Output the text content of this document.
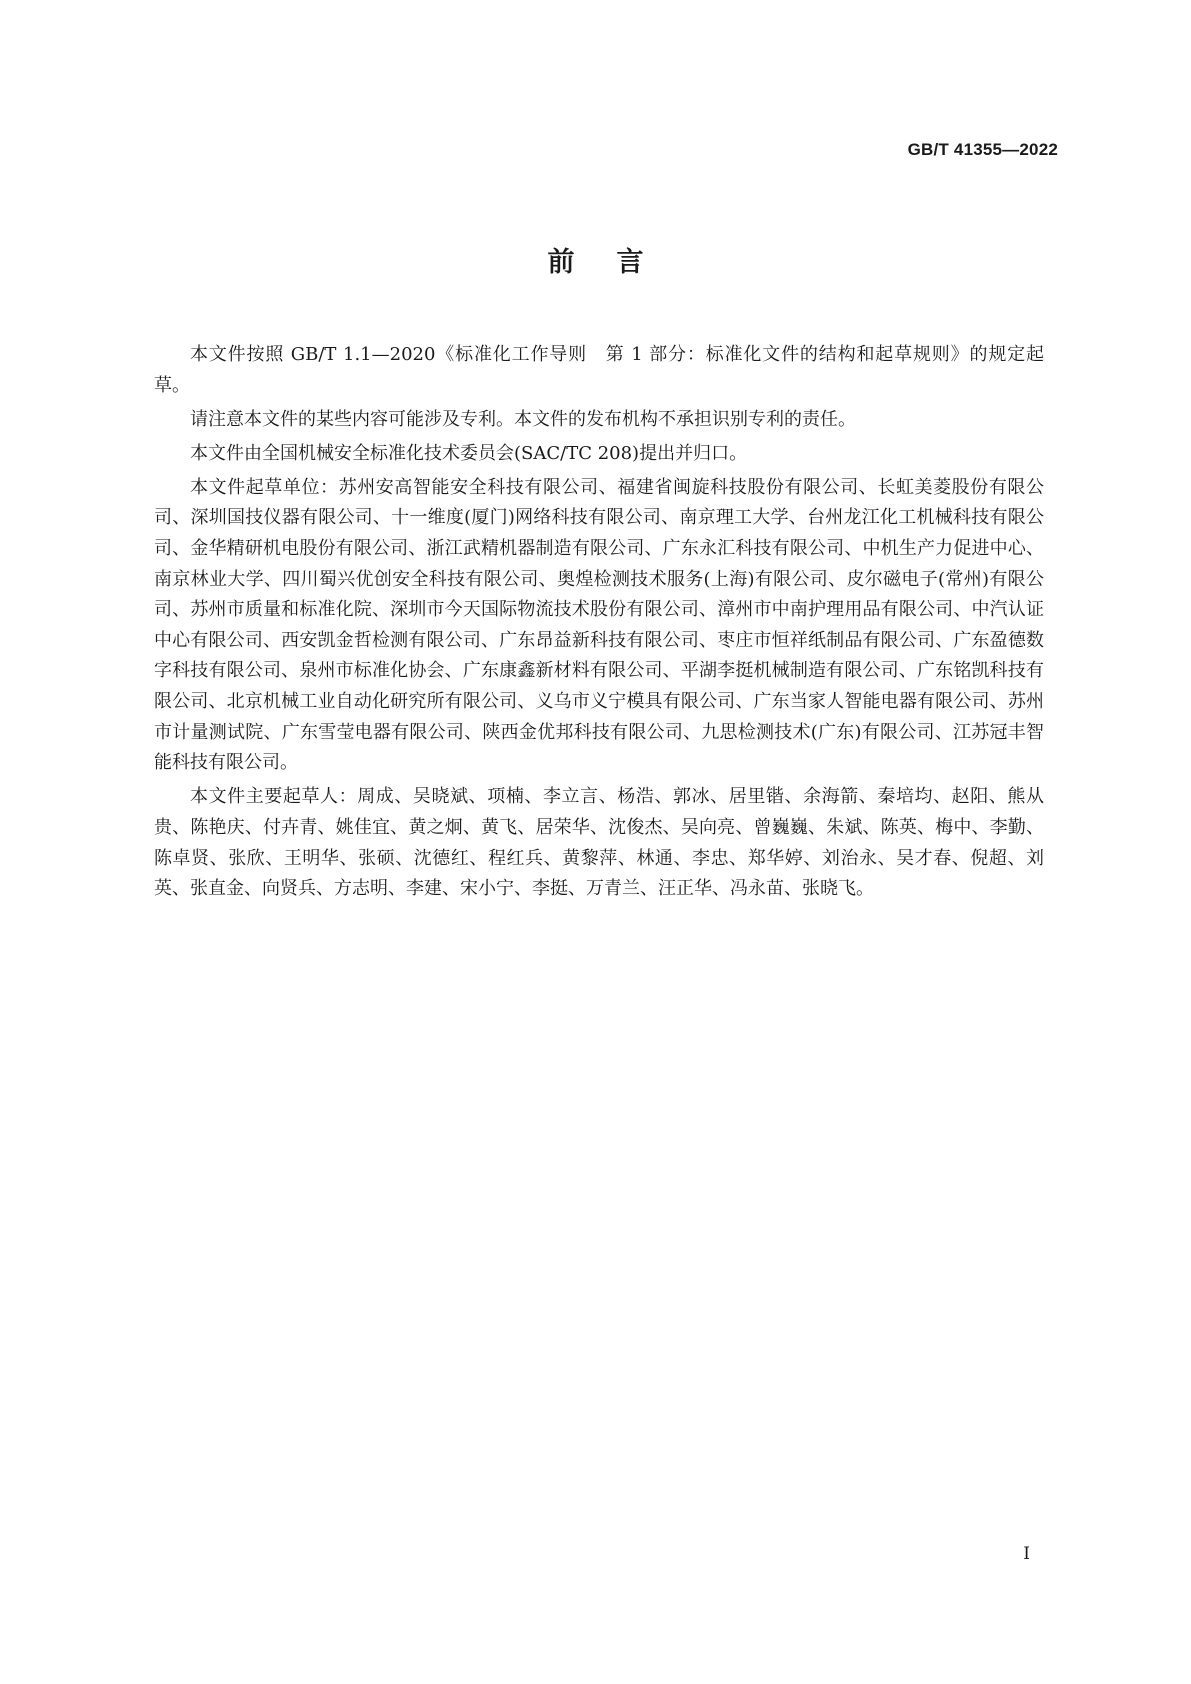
GB/T 41355—2022
前 言

本文件按照 GB/T 1.1—2020《标准化工作导则　第 1 部分：标准化文件的结构和起草规则》的规定起草。

请注意本文件的某些内容可能涉及专利。本文件的发布机构不承担识别专利的责任。

本文件由全国机械安全标准化技术委员会(SAC/TC 208)提出并归口。

本文件起草单位：苏州安高智能安全科技有限公司、福建省闽旋科技股份有限公司、长虹美菱股份有限公司、深圳国技仪器有限公司、十一维度(厦门)网络科技有限公司、南京理工大学、台州龙江化工机械科技有限公司、金华精研机电股份有限公司、浙江武精机器制造有限公司、广东永汇科技有限公司、中机生产力促进中心、南京林业大学、四川蜀兴优创安全科技有限公司、奥煌检测技术服务(上海)有限公司、皮尔磁电子(常州)有限公司、苏州市质量和标准化院、深圳市今天国际物流技术股份有限公司、漳州市中南护理用品有限公司、中汽认证中心有限公司、西安凯金哲检测有限公司、广东昂益新科技有限公司、枣庄市恒祥纸制品有限公司、广东盈德数字科技有限公司、泉州市标准化协会、广东康鑫新材料有限公司、平湖李挺机械制造有限公司、广东铭凯科技有限公司、北京机械工业自动化研究所有限公司、义乌市义宁模具有限公司、广东当家人智能电器有限公司、苏州市计量测试院、广东雪莹电器有限公司、陕西金优邦科技有限公司、九思检测技术(广东)有限公司、江苏冠丰智能科技有限公司。

本文件主要起草人：周成、吴晓斌、项楠、李立言、杨浩、郭冰、居里锴、余海箭、秦培均、赵阳、熊从贵、陈艳庆、付卉青、姚佳宜、黄之炯、黄飞、居荣华、沈俊杰、吴向亮、曾巍巍、朱斌、陈英、梅中、李勤、陈卓贤、张欣、王明华、张硕、沈德红、程红兵、黄黎萍、林通、李忠、郑华婷、刘治永、吴才春、倪超、刘英、张直金、向贤兵、方志明、李建、宋小宁、李挺、万青兰、汪正华、冯永苗、张晓飞。

I
